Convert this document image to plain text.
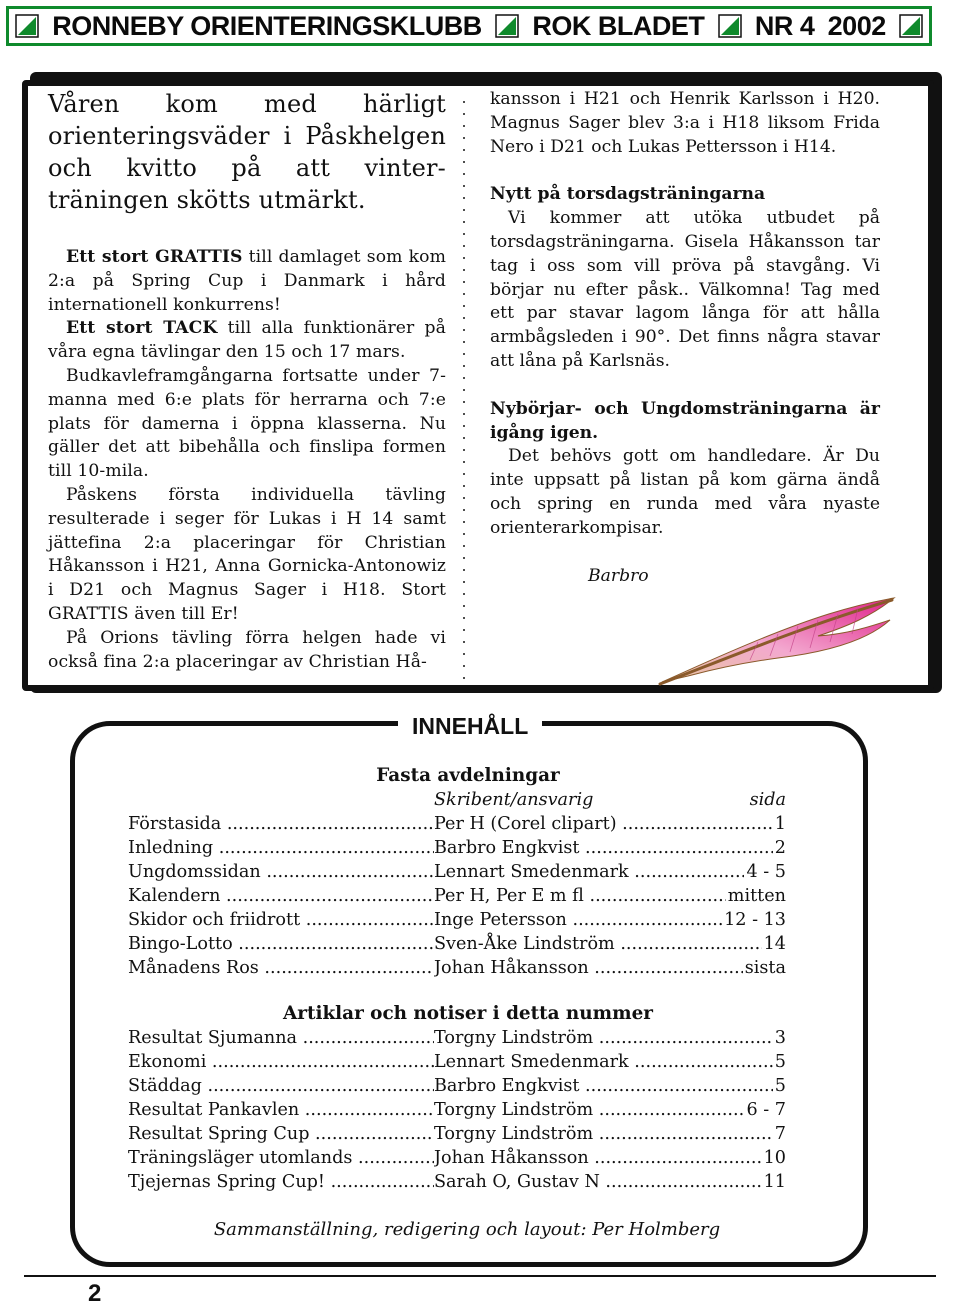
RONNEBY ORIENTERINGSKLUBB ROK BLADET NR 4 2002

Våren kom med härligt orienteringsväder i Påskhelgen och kvitto på att vinter-träningen skötts utmärkt.

Ett stort GRATTIS till damlaget som kom 2:a på Spring Cup i Danmark i hård internationell konkurrens!

Ett stort TACK till alla funktionärer på våra egna tävlingar den 15 och 17 mars.

Budkavleframgångarna fortsatte under 7-manna med 6:e plats för herrarna och 7:e plats för damerna i öppna klasserna. Nu gäller det att bibehålla och finslipa formen till 10-mila.

Påskens första individuella tävling resulterade i seger för Lukas i H 14 samt jättefina 2:a placeringar för Christian Håkansson i H21, Anna Gornicka-Antonowiz i D21 och Magnus Sager i H18. Stort GRATTIS även till Er!

På Orions tävling förra helgen hade vi också fina 2:a placeringar av Christian Hå-

kansson i H21 och Henrik Karlsson i H20. Magnus Sager blev 3:a i H18 liksom Frida Nero i D21 och Lukas Pettersson i H14.

Nytt på torsdagsträningarna

Vi kommer att utöka utbudet på torsdagsträningarna. Gisela Håkansson tar tag i oss som vill pröva på stavgång. Vi börjar nu efter påsk.. Välkomna! Tag med ett par stavar lagom långa för att hålla armbågsleden i 90°. Det finns några stavar att låna på Karlsnäs.

Nybörjar- och Ungdomsträningarna är igång igen.

Det behövs gott om handledare. Är Du inte uppsatt på listan på kom gärna ändå och spring en runda med våra nyaste orienterarkompisar.

Barbro

INNEHÅLL
Fasta avdelningar
Skribent/ansvarig	sida
Förstasida .....	Per H (Corel clipart) .....	1
Inledning .....	Barbro Engkvist .....	2
Ungdomssidan .....	Lennart Smedenmark .....	4 - 5
Kalendern .....	Per H, Per E m fl .....	mitten
Skidor och friidrott .....	Inge Petersson .....	12 - 13
Bingo-Lotto .....	Sven-Åke Lindström .....	14
Månadens Ros .....	Johan Håkansson .....	sista
Artiklar och notiser i detta nummer
Resultat Sjumanna .....	Torgny Lindström .....	3
Ekonomi .....	Lennart Smedenmark .....	5
Städdag .....	Barbro Engkvist .....	5
Resultat Pankavlen .....	Torgny Lindström .....	6 - 7
Resultat Spring Cup .....	Torgny Lindström .....	7
Träningsläger utomlands .....	Johan Håkansson .....	10
Tjejernas Spring Cup! .....	Sarah O, Gustav N .....	11
Sammanställning, redigering och layout: Per Holmberg
2
